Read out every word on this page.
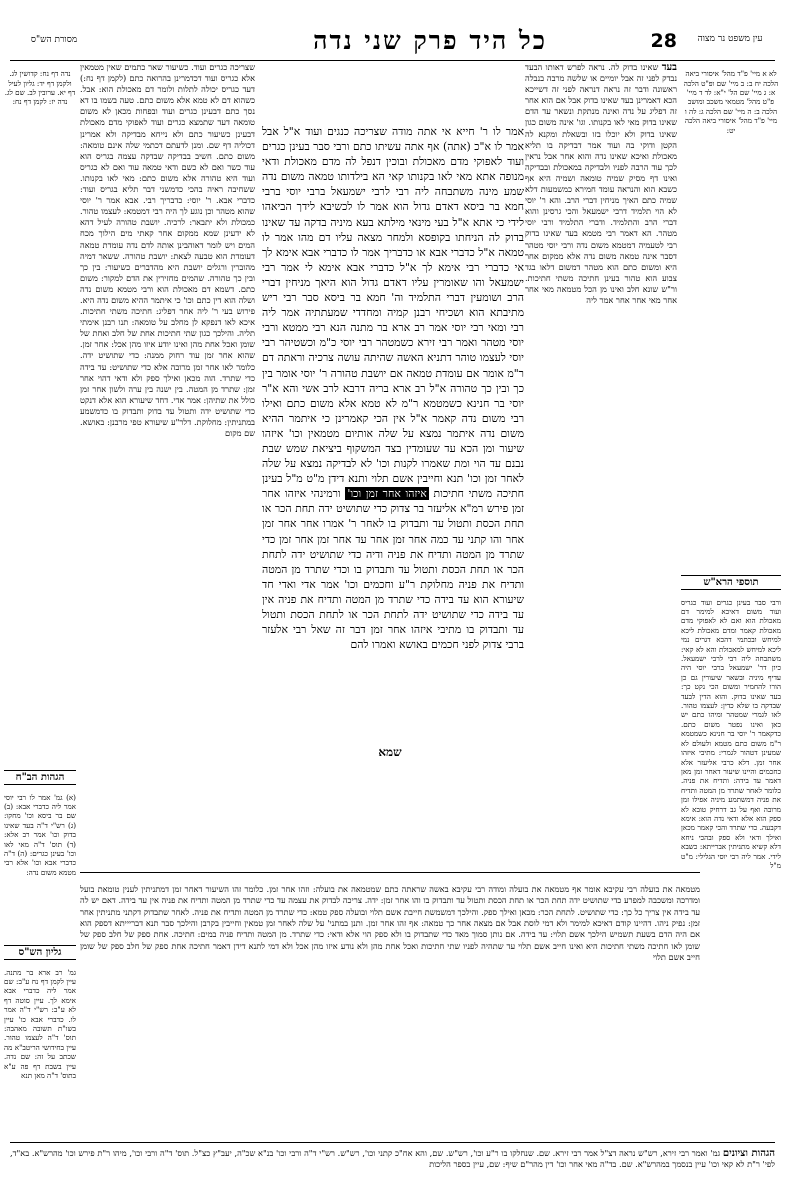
עין משפט נר מצוה
28
כל היד פרק שני נדה
מסורת הש"ס

בעד שאינו בדוק לה. נראה לפרש דאותו הבעד נבדק לפני זה אבל יומיים או שלשה מרבה בנבלה ראשונה ודבר זה נראה דנראה לפני זה דשייכא הכא דאמרינן בעד שאינו בדוק אבל אם הוא אחר זה דפליג על נדה ואינה מנתקת ונשאר עד הדם שאינו בדוק מאי לאו בקנותו. וגו' אינה משום כגון שאינו בדוק ולא יוכלו בזו ובשאלת ומקנא לה הקטן ודוקי בה ועוד אמר דבדיקה בו תליא מאכולת ואיכא שאינו נדה והוא אחר אבל נראין לכך עוד הרבה לפניו ולבדיקה במאכולת ובבדיקה ואינו דף מסיק שמיה טומאה ושמיה היא אף כשבא הוא והנראה עומד חמירא כמשמעות דלא שמיה כתם האיך מניחין דברי הרב. והא ר' יוסי לא הוי תלמיד דרבי ישמעאל והכי גרסינן והוא דברי הרב והתלמיד. ודברי התלמיד ורבי יוסי מטהר. הא דאמר רבי מטמא בעד שאינו בדוק רבי לטעמיה דמטמא משום נדה ורבי יוסי מטהר דסבר אינה טמאה משום נדה אלא ממקום אחר היא ומשום כתם הוא מטהר דמשום דלאו בגד צבוע הוא טהור בעינן חתיכה משתי חתיכות. ור"ש שונא חלב ואינו מן הכל מטמאה מאי אחר אחר מאי אחר אחר אמר ליה

אמר לו ר' חייא אי אתה מודה שצריכה כנגים ועוד א"ל אבל אמר לו א"כ (אתה) אף אתה עשיתו כתם ורבי סבר בעינן כגרים ועוד לאפוקי מדם מאכולת ובוכין דנפל לה מדם מאכולת ודאי מנופה אתא מאי לאו בקנותו קאי הא בילדותו טמאה משום נדה שמע מינה משתבחה ליה רבי לרבי ישמעאל ברבי יוסי ברבי חמא בר ביסא דאדם גדול הוא אמר לו לכשיבא לידך הביאהו לידי כי אתא א"ל בעי מינאי מילתא בעא מיניה בדקה עד שאינו בדוק לה הניחתו בקופסא ולמחר מצאה עליו דם מהו אמר לו טמאה א"ל כדברי אבא או כדבריך אמר לו כדברי אבא אימא לך אי כדברי רבי אימא לך א"ל כדברי אבא אימא לי אמר רבי ישמעאל והו שאומרין עליו דאדם גדול הוא היאך מניחין דברי הרב ושומעין דברי התלמיד וה' חמא בר ביסא סבר רבי ריש מתיבתא הוא ושכיחי רבנן קמיה ומחדדי שמעתתיה אמר ליה רבי ומאי רבי יוסי אמר רב ארא בר מתנה הנא רבי ממטא ורבי יוסי מטהר ואמר רבי זירא כשמטהר רבי יוסי כ"מ וכשטיהר רבי יוסי לעצמו טוהר דתניא האשה שהיתה עושה צרכיה וראתה דם ר"מ אומר אם עומדת טמאה אם יושבת טהורה ר' יוסי אומר בין כך ובין כך טהורה א"ל רב ארא בריה דרבא לרב אשי והא א"ר יוסי בר חנינא כשמטמא ר"מ לא טמא אלא משום כתם ואילו רבי משום נדה קאמר א"ל אין הכי קאמרינן כי איתמר ההיא משום נדה איתמר נמצא על שלה אותיום מטמאין וכו' איזהו שיעור ומן הכא עד שעומדין בצד המשקוף ביציאת שמש שבת נבנם עד הוי ומת שאמרו לקנות וכו' לא לבדיקה נמצא על שלה לאחר זמן וכו' תנא וחייבין אשם תלוי ותנא דידן מ"ט מ"ל בעינן חתיכה משתי חתיכות איזהו אחר זמן וכו' ורמינהי איזהו אחר זמן פירש רמ"א אליעזר בר צדוק כדי שתושיט ידה תחת הכר או תחת הכסת ותטול עד ותבדוק בו לאחר ר' אמרו אחר אחר זמן אחר והו קתני עד כמה אחר זמן אחר עד אחר זמן אחר זמן כדי שתרד מן המטה ותדיח את פניה ודיה כדי שתושיט ידה לתחת הכר או תחת הכסת ותטול עד ותבדוק בו וכדי שתרד מן המטה ותדיח את פניה מחלוקת ר"ע וחכמים וכו' אמר אדי ואדי חד שיעורא הוא עד בידה כדי שתרד מן המטה ותדיח את פניה אין עד בידה כדי שתושיט ידה לתחת הכר או לתחת הכסת ותטול עד ותבדוק בו מתיבי איזהו אחר זמן דבר זה שאל רבי אלעזר ברבי צדוק לפני חכמים באושא ואמרו להם
שמא

שצריכה כגרים ועוד. כשיעור שאר כתמים שאין מטמאין אלא כגריס ועוד דכדמרינן בהרואה כתם (לקמן דף נח:) דעד כגריס יכולה לתלות ולומר דם מאכולת הוא: אבל. כשהוא דם לא טמא אלא משום כתם. טעה בשמו בו דא נסך כתם דבעינן כגרים ועוד ובפחות מכאן לא משום טומאה דעד שתמצא כגרים ועוד לאפוקי מדם מאכולת דבעינן כשיעור כתם ולא נייחא מבדיקה ולא אמרינן דכוליה דף שם. ומנן לדעתם דכתמי שלה אינם טומאה: משום כתם. חשיב בבדיקה שבדקה עצמה בגריס הוא עוד כשר ואם לא כשם ודאי טמאה עוד ואם לא כגריס ועוד היא טהורה אלא משום כתם: מאי לאו בקנותו. ששחיבה ראיה בהכי כדמשני דבר תליא בגריס ועוד: כדברי אבא. ר' יוסי: כדבריך רבי. אבא אמר ר' יוסי שהוא מטהר וכן נוגע לך היה רבי דמטמא: לעצמו טהור. כמכולת ולא יתבאר: לרכיה. יושבת טהורה לעיל דהא לא ידעינן שמא ממקום אחר קאתי מים הילוך מכח המים ויש לומר דאוהבינן אותה לדם נדה עומדת טמאה דעומדת הוא טבעה לצאת: יושבת טהורה. ששאר דמיה מהוברין ורגלים יושבת היא מהדברים כשיעור: בין כך ובין כך טהורה. שהמים מחזירין את הדם למקור: משום כתם. דשמא דם מאכולת הוא ורבי מטמא משום נדה ושלה הוא דין כתם וכו' כי איתמר ההיא משום נדה היא. פירוש בעי ר' ליה אחר דפליג: חתיכה משתי חתיכות. איכא לאו דנפקא לן מחלב על טומאה: תנו רבנן אימתי תליה. והילכך כגון שתי חתיכות אחת של חלב ואחת של שומן ואכל אחת מהן ואינו יודע איזו מהן אכל: אחר זמן. שהוא אחר זמן עוד רחוק ממנה: כדי שתושיט ידה. כלומר לאו אחר זמן מרובה אלא כדי שתושיט: עד בידה כדי שתרד. הוה מכאן ואילך ספק ולא ודאי דהוי אחר זמן: שתרד מן המטה. בין ישנה בין ערה ולשון אחר זמן כולל את שתיהן: אמר אדי. דחד שיעורא הוא אלא דנקט כדי שתושיט ידה ותטול עד בדוק ותבדוק בו כדמשמע במתניתין: מחלוקת. דלר"ע שיעורא טפי מרבנן: באושא. שם מקום

מטמאה את בועלה רבי עקיבא אומר אף מטמאה את בועלה ומודה רבי עקיבא באשה שראתה כתם שמטמאה את בועלה: וזהו אחר זמן. כלומר זהו השיעור דאחר זמן דמתניתין לענין טומאת בועל ומדרכה ומשכבה למפרע כדי שתושיט ידה תחת הכר או תחת הכסת ותטול עד ותבדוק בו והו אחר זמן: ידה. צריכה לבדוק את עצמה עד כדי שתרד מן המטה ותדיח את פניה אין עד בידה. דאם יש לה עד בידה אין צריך כל כך: כדי שתושיט. לתחת הכר: מכאן ואילך ספק. והילכך דמשמשת חייבת אשם תלוי ובועלה ספק טמא: כדי שתרד מן המטה ותדיח את פניה. לאחר שתבדוק דקתני מתניתין אחר זמן: נפיק ניהו. דהיינו קודם דאיכא למימר ולא דמי לוסת אבל אם מצאה אחר כך טמאה: אף זהו אחר זמן. ותנן במתני' על שלה לאחר זמן טמאין וחייבין בקרבן והילכך סבר תנא דבריייתא דספק הוא אם היה הדם בשעת תשמיש הילכך אשם תלוי: עד בידה. אם נותן סמוך מאד כדי שתבדוק בו ולא ספק הוי אלא ודאי: כדי שתרד. מן המטה ותדיח פניה במים: חתיכה. אחת ספק של חלב ספק של שומן לאו חתיכה משתי חתיכות היא ואינו חייב אשם תלוי עד שתהיה לפניו שתי חתיכות ואכל אחת מהן ולא נודע איזו מהן אכל ולא דמי לתנא דידן דאמר חתיכה אחת ספק של חלב ספק של שומן חייב אשם תלוי

לא א מיי' פ"ד מהל' איסורי ביאה הלכה יח ב: ב מיי' שם ופ"ט הלכה א: ג מיי' שם הל' י"א: לד ד מיי' פ"ט מהל' מטמאי משכב ומושב הלכה ב: ה מיי' שם הלכה ג: לה ו מיי' פ"ד מהל' איסורי ביאה הלכה יט:

תוספי הרא"ש

ורבי סבר בעינן כגרים ועוד כגריס ועוד משום דאיכא למימר דם מאכולת הוא ואם לא לאפוקי מדם מאכולת קאמר ומדם מאכולת ליכא למיחש ובכתמי דהכא דגרים נמי ליכא למיחש למאכולת והא לא קאי: משתבחה ליה רבי לרבי ישמעאל. כיון דר' ישמעאל ברבי יוסי היה עדיף מיניה ובשאר שיעורין גם כן הורו להחמיר ומשום הכי נקט כך: בעד שאינו בדוק. והוא הדין לבעד שבדקה בו שלא כדין: לעצמו טהור. לאו לגמרי שמטהר ומיהו כתם יש כאן ואינו נפטר משום כתם. כדקאמר ר' יוסי בר חנינא כשמטמא ר"מ משום כתם מטמא ולעולם לא שמעינן דטהור לגמרי: מתיבי איזהו אחר זמן. דלא כרבי אליעזר אלא כחכמים והיינו שיעור דאחר זמן מאן דאמר עד בידה: ותדיח את פניה. כלומר לאחר שתרד מן המטה ותדיח את פניה דמשתמע מיניה אפילו זמן מרובה ואף על גב דרחיק טובא לא ספק הוא אלא ודאי נדה הוא: אימא דקבעה. כדי שתרד והכי קאמר מכאן ואילך ודאי ולא ספק ובהכי ניחא דלא קשיא מתניתין אברייתא: כשבא לידי. אמר ליה רבי יוסי הגלילי: מ"ט מ"ל

נדה דף נח: קדושין לג. ולקמן דף יד: גליון לעיל דף יא. ערובין לב. שם לג. נדה יז: לקמן דף נח:

הגהות הב"ח

(א) גמ' אמר לו רבי יוסי אמר ליה כדברי אבא: (ב) שם בר ביסא וכו' מחקו: (ג) רש"י ד"ה בעד שאינו בדוק וכו' אמר רב אלא: (ד) תוס' ד"ה מאי לאו וכו' בעינן כגרים: (ה) ד"ה כדברי אבא וכו' אלא רבי מטמא משום נדה:

גליון הש"ס

גמ' רב ארא בר מתנה. עיין לקמן דף נח ע"ב: שם אמר ליה כדברי אבא אימא לך. עיין סוטה דף לא ע"ב: רש"י ד"ה אמר לו. כדברי אבא כו' עיין בשו"ת תשובה מאהבה: תוס' ד"ה לעצמו טהור. עיין בחידושי הריטב"א מה שכתב על זה: שם נדה. עיין בשבת דף פה ע"א בתוס' ד"ה מאן תנא

הגהות וציונים גמ' ואמר רבי זירא, רש"ש נראה דצ"ל אמר רבי זירא. שם. שנחלקו בו ר"ע וכו', רש"ש. שם, והא אח"כ קתני וכו', רש"ש. רש"י ד"ה ורבי וכו' בנ"א שכ"ה, יעב"ץ כצ"ל. תוס' ד"ה ורבי וכו', מיהו ר"ת פירש וכו' מהרש"א. בא"ד, לפי' ר"ת לא קאי וכו' עיין בנסמך במהרש"א. שם. בד"ה מאי אחר וכו' דין מהר"ם שיף: שם, עיין בספר הליכות
